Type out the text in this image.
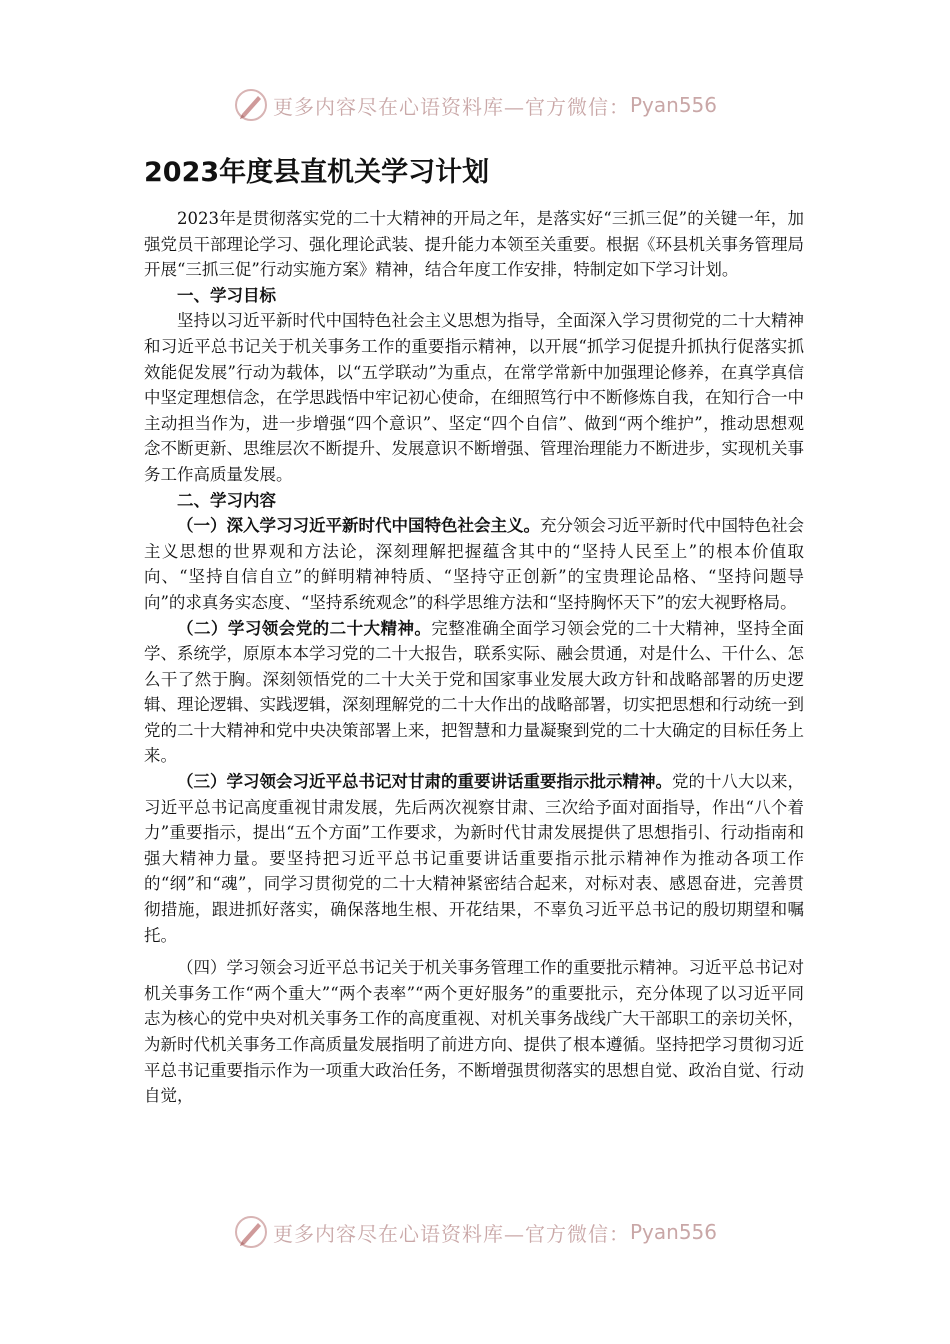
更多内容尽在心语资料库—官方微信： Pyan556
2023年度县直机关学习计划

2023年是贯彻落实党的二十大精神的开局之年，是落实好“三抓三促”的关键一年，加强党员干部理论学习、强化理论武装、提升能力本领至关重要。根据《环县机关事务管理局开展“三抓三促”行动实施方案》精神，结合年度工作安排，特制定如下学习计划。

一、学习目标

坚持以习近平新时代中国特色社会主义思想为指导，全面深入学习贯彻党的二十大精神和习近平总书记关于机关事务工作的重要指示精神，以开展“抓学习促提升抓执行促落实抓效能促发展”行动为载体，以“五学联动”为重点，在常学常新中加强理论修养，在真学真信中坚定理想信念，在学思践悟中牢记初心使命，在细照笃行中不断修炼自我，在知行合一中主动担当作为，进一步增强“四个意识”、坚定“四个自信”、做到“两个维护”，推动思想观念不断更新、思维层次不断提升、发展意识不断增强、管理治理能力不断进步，实现机关事务工作高质量发展。

二、学习内容

（一）深入学习习近平新时代中国特色社会主义。充分领会习近平新时代中国特色社会主义思想的世界观和方法论，深刻理解把握蕴含其中的“坚持人民至上”的根本价值取向、“坚持自信自立”的鲜明精神特质、“坚持守正创新”的宝贵理论品格、“坚持问题导向”的求真务实态度、“坚持系统观念”的科学思维方法和“坚持胸怀天下”的宏大视野格局。

（二）学习领会党的二十大精神。完整准确全面学习领会党的二十大精神，坚持全面学、系统学，原原本本学习党的二十大报告，联系实际、融会贯通，对是什么、干什么、怎么干了然于胸。深刻领悟党的二十大关于党和国家事业发展大政方针和战略部署的历史逻辑、理论逻辑、实践逻辑，深刻理解党的二十大作出的战略部署，切实把思想和行动统一到党的二十大精神和党中央决策部署上来，把智慧和力量凝聚到党的二十大确定的目标任务上来。

（三）学习领会习近平总书记对甘肃的重要讲话重要指示批示精神。党的十八大以来，习近平总书记高度重视甘肃发展，先后两次视察甘肃、三次给予面对面指导，作出“八个着力”重要指示，提出“五个方面”工作要求，为新时代甘肃发展提供了思想指引、行动指南和强大精神力量。要坚持把习近平总书记重要讲话重要指示批示精神作为推动各项工作的“纲”和“魂”，同学习贯彻党的二十大精神紧密结合起来，对标对表、感恩奋进，完善贯彻措施，跟进抓好落实，确保落地生根、开花结果，不辜负习近平总书记的殷切期望和嘱托。

（四）学习领会习近平总书记关于机关事务管理工作的重要批示精神。习近平总书记对机关事务工作“两个重大”“两个表率”“两个更好服务”的重要批示，充分体现了以习近平同志为核心的党中央对机关事务工作的高度重视、对机关事务战线广大干部职工的亲切关怀，为新时代机关事务工作高质量发展指明了前进方向、提供了根本遵循。坚持把学习贯彻习近平总书记重要指示作为一项重大政治任务，不断增强贯彻落实的思想自觉、政治自觉、行动自觉，

更多内容尽在心语资料库—官方微信： Pyan556
